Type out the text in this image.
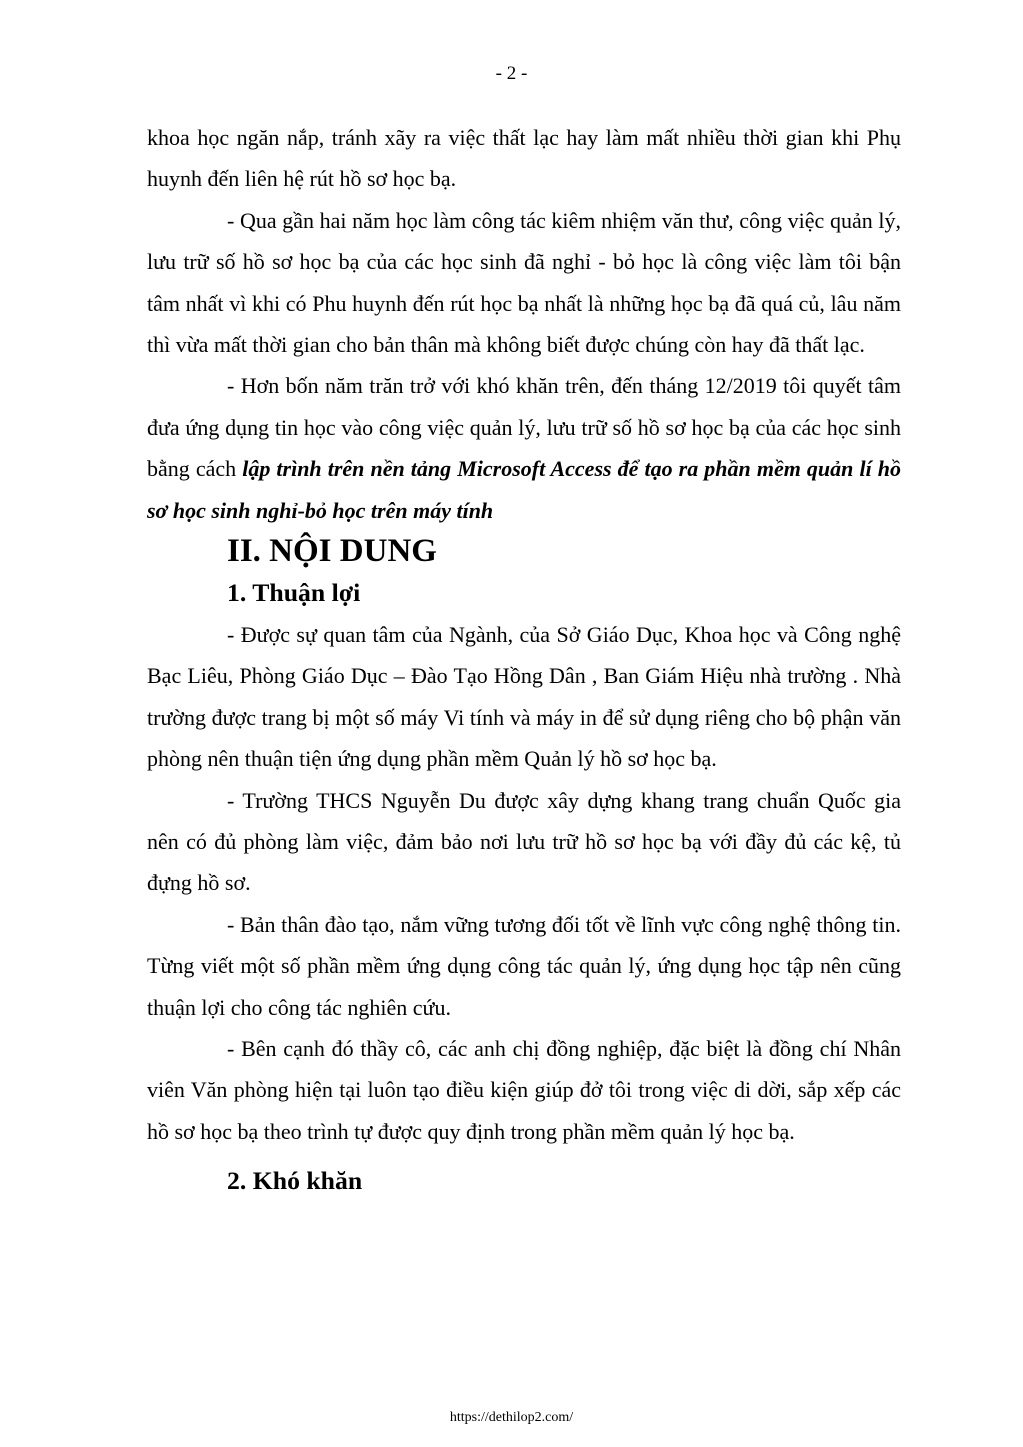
- 2 -

khoa học ngăn nắp, tránh xãy ra việc thất lạc hay làm mất nhiều thời gian khi Phụ huynh đến liên hệ rút hồ sơ học bạ.

- Qua gần hai năm học làm công tác kiêm nhiệm văn thư, công việc quản lý, lưu trữ số hồ sơ học bạ của các học sinh đã nghỉ - bỏ học là công việc làm tôi bận tâm nhất vì khi có Phu huynh đến rút học bạ nhất là những học bạ đã quá củ, lâu năm thì vừa mất thời gian cho bản thân mà không biết được chúng còn hay đã thất lạc.

- Hơn bốn năm trăn trở với khó khăn trên, đến tháng 12/2019 tôi quyết tâm đưa ứng dụng tin học vào công việc quản lý, lưu trữ số hồ sơ học bạ của các học sinh bằng cách lập trình trên nền tảng Microsoft Access để tạo ra phần mềm quản lí hồ sơ học sinh nghỉ-bỏ học trên máy tính

II. NỘI DUNG
1. Thuận lợi

- Được sự quan tâm của Ngành, của Sở Giáo Dục, Khoa học và Công nghệ Bạc Liêu, Phòng Giáo Dục – Đào Tạo Hồng Dân , Ban Giám Hiệu nhà trường . Nhà trường được trang bị một số máy Vi tính và máy in để sử dụng riêng cho bộ phận văn phòng nên thuận tiện ứng dụng phần mềm Quản lý hồ sơ học bạ.

- Trường THCS Nguyễn Du được xây dựng khang trang chuẩn Quốc gia nên có đủ phòng làm việc, đảm bảo nơi lưu trữ hồ sơ học bạ với đầy đủ các kệ, tủ đựng hồ sơ.

- Bản thân đào tạo, nắm vững tương đối tốt về lĩnh vực công nghệ thông tin. Từng viết một số phần mềm ứng dụng công tác quản lý, ứng dụng học tập nên cũng thuận lợi cho công tác nghiên cứu.

- Bên cạnh đó thầy cô, các anh chị đồng nghiệp, đặc biệt là đồng chí Nhân viên Văn phòng hiện tại luôn tạo điều kiện giúp đở tôi trong việc di dời, sắp xếp các hồ sơ học bạ theo trình tự được quy định trong phần mềm quản lý học bạ.

2. Khó khăn
https://dethilop2.com/
